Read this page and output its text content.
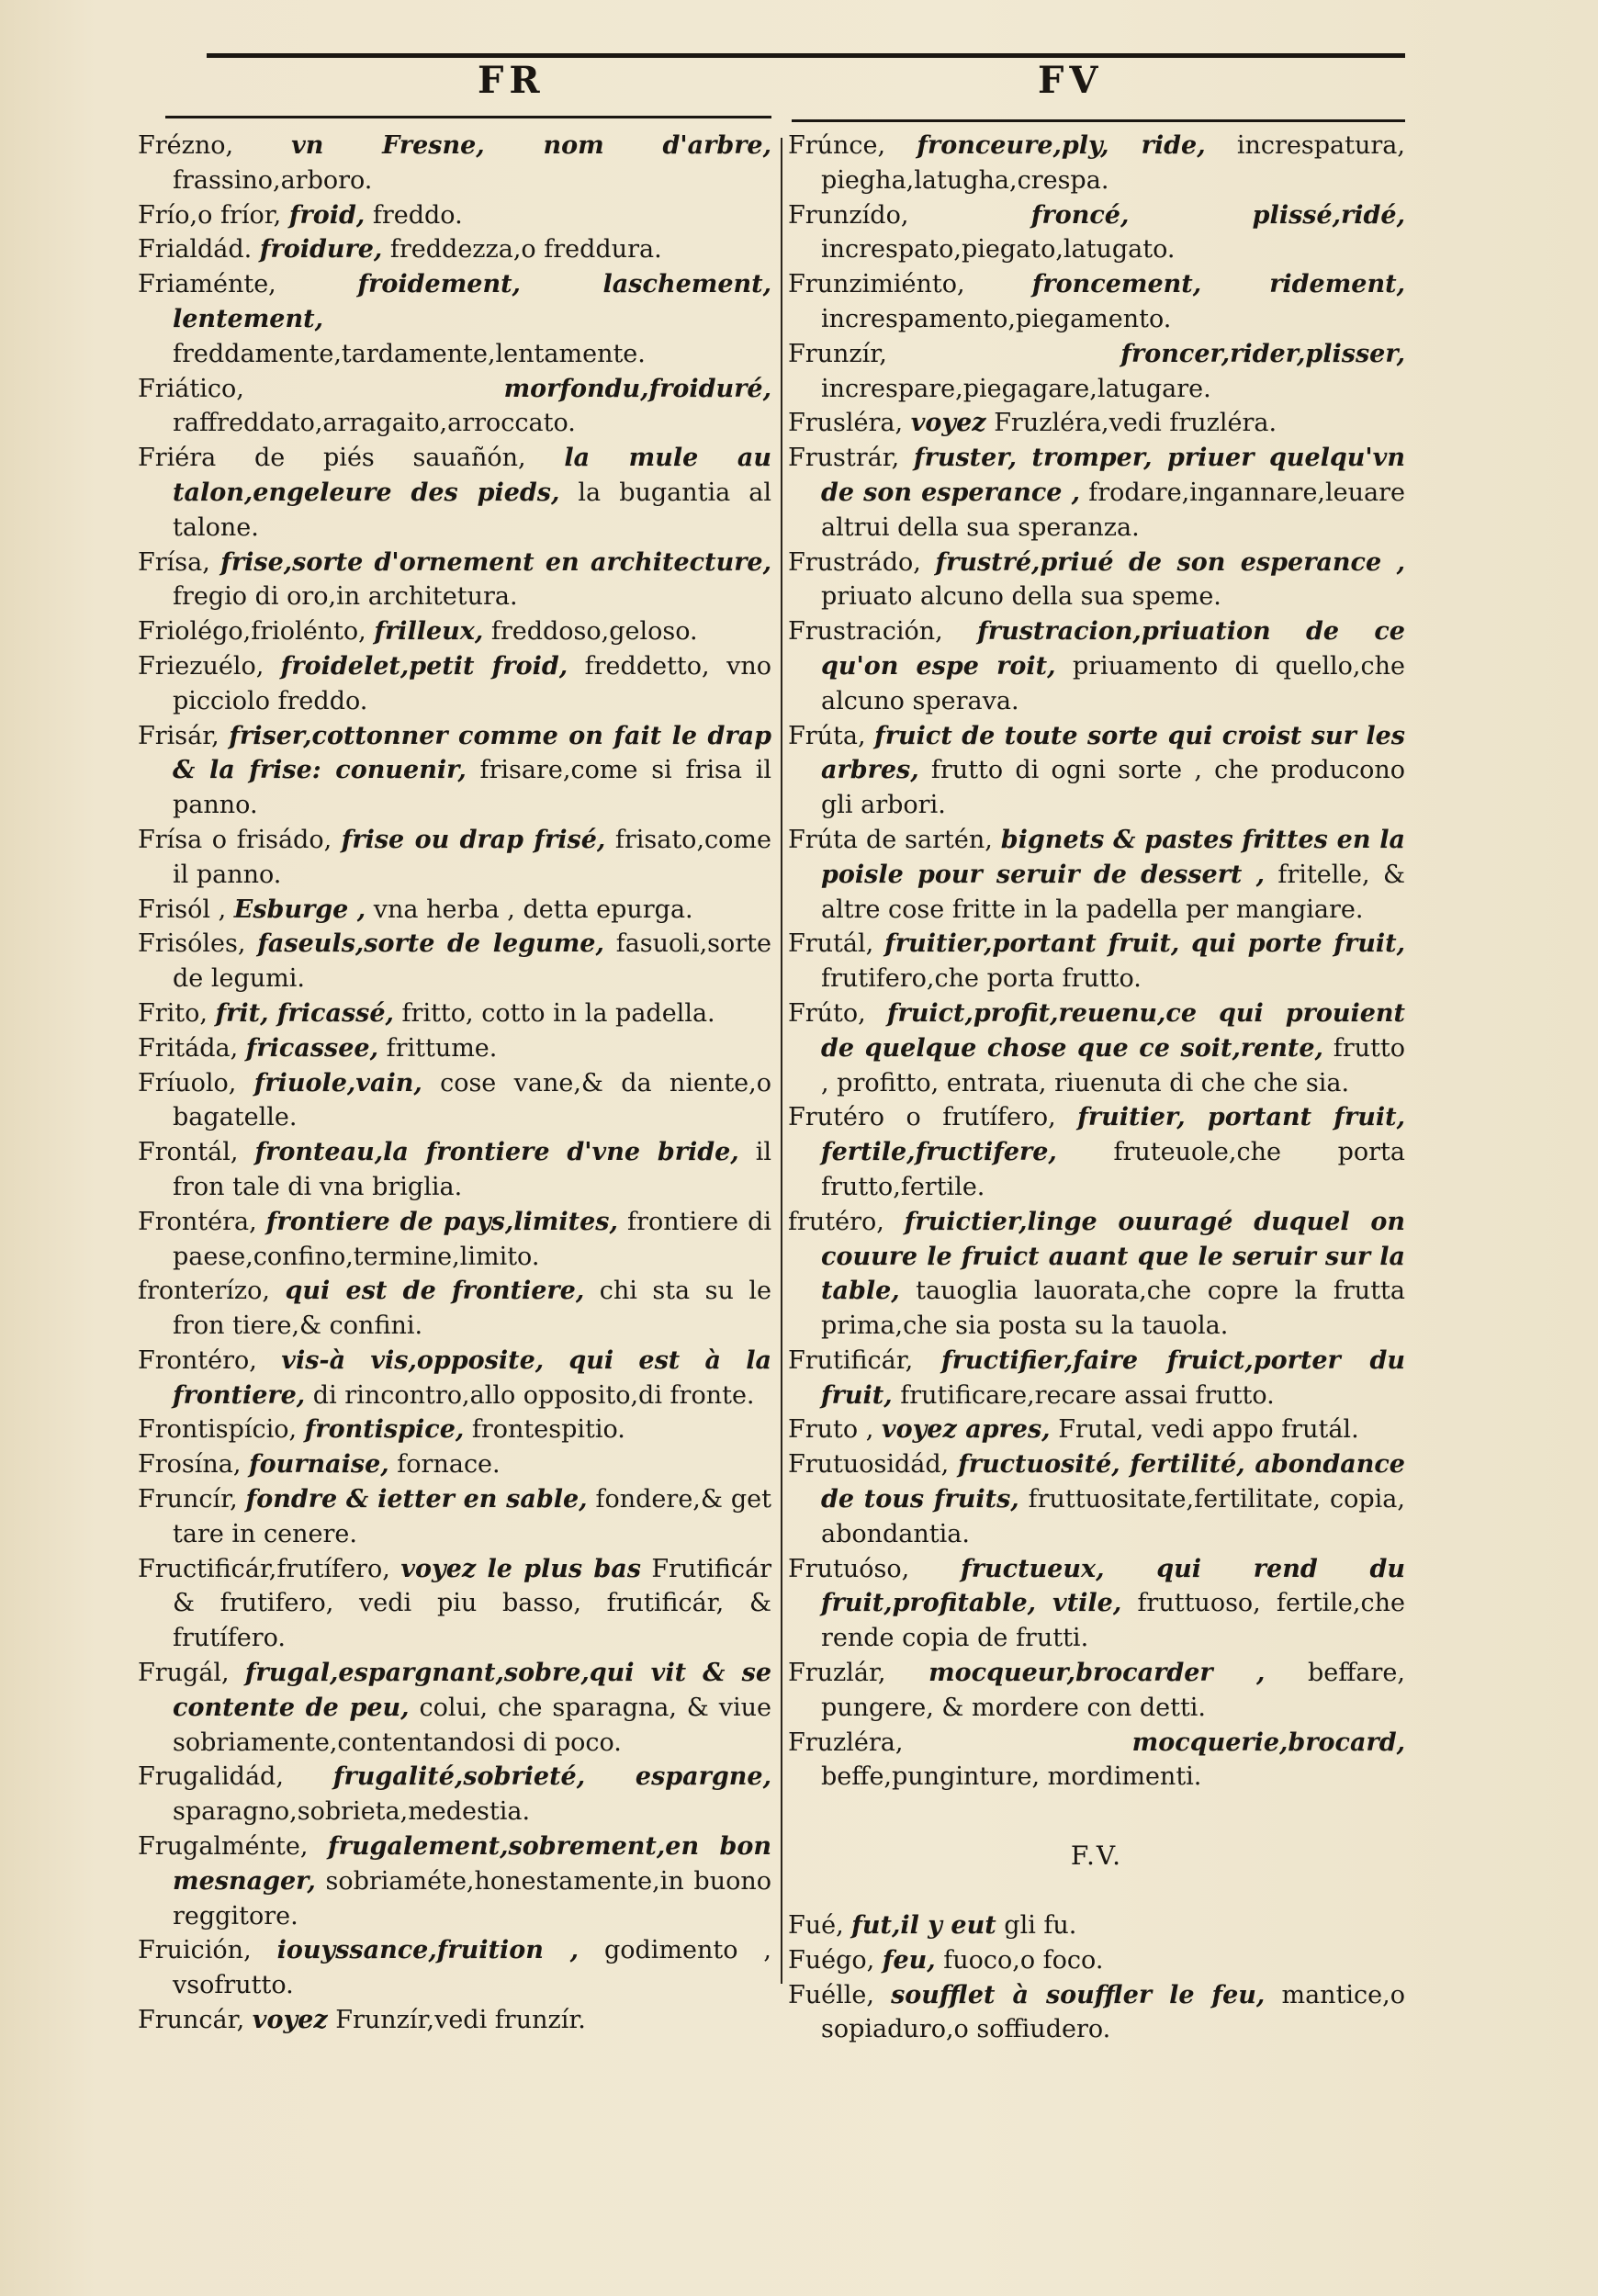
FR	FV

Frézno, vn Fresne, nom d'arbre, frassino,arboro.

Frío,o fríor, froid, freddo.

Frialdád. froidure, freddezza,o freddura.

Friaménte,	froidement, laschement, lentement, freddamente,tardamente,lentamente.

Friático,	morfondu,froiduré, raffreddato,arragaito,arroccato.

Friéra de piés sauañón, la mule au talon,engeleure des pieds, la bugantia al talone.

Frísa, frise,sorte d'ornement en architecture, fregio di oro,in architetura.

Friolégo,frioléntо, frilleux, freddoso,geloso.

Friezuélo, froidelet,petit froid, freddetto, vno picciolo freddo.

Frisár, friser,cottonner comme on fait le drap & la frise: conuenir, frisare,come si frisa il panno.

Frísa o frisádo, frise ou drap frisé, frisato,come il panno.

Frisól , Esburge , vna herba , detta epurga.

Frisóles, faseuls,sorte de legume, fasuoli,sorte de legumi.

Frito, frit, fricassé, fritto, cotto in la padella.

Fritáda, fricassee, frittume.

Fríuolo, friuole,vain, cose vane,& da niente,o bagatelle.

Frontál, fronteau,la frontiere d'vne bride, il fron tale di vna briglia.

Frontéra, frontiere de pays,limites, frontiere di paese,confino,termine,limito.

fronterízo, qui est de frontiere, chi sta su le fron tiere,& confini.

Frontéro, vis-à vis,opposite, qui est à la frontiere, di rincontro,allo opposito,di fronte.

Frontispício, frontispice, frontespitio.

Frosína, fournaise, fornace.

Fruncír, fondre & ietter en sable, fondere,& get tare in cenere.

Fructificár,frutífero, voyez le plus bas Frutificár & frutifero, vedi piu basso, frutificár, & frutífero.

Frugál, frugal,espargnant,sobre,qui vit & se contente de peu, colui, che sparagna, & viue sobriamente,contentandosi di poco.

Frugalidád, frugalité,sobrieté, espargne, sparagno,sobrieta,medestia.

Frugalménte, frugalement,sobrement,en bon mesnager, sobriaméte,honestamente,in buono reggitore.

Fruición, iouyssance,fruition , godimento , vsofrutto.

Fruncár, voyez Frunzír,vedi frunzír.

Frúnce, fronceure,ply, ride, increspatura, piegha,latugha,crespa.

Frunzído,	froncé, plissé,ridé, increspato,piegato,latugato.

Frunzimiénto,	froncement, ridement, increspamento,piegamento.

Frunzír,	froncer,rider,plisser, increspare,piegagare,latugare.

Frusléra, voyez Fruzléra,vedi fruzléra.

Frustrár, fruster, tromper, priuer quelqu'vn de son esperance , frodare,ingannare,leuare altrui della sua speranza.

Frustrádo, frustré,priué de son esperance , priuato alcuno della sua speme.

Frustración, frustracion,priuation de ce qu'on espe roit, priuamento di quello,che alcuno sperava.

Frúta, fruict de toute sorte qui croist sur les arbres, frutto di ogni sorte , che producono gli arbori.

Frúta de sartén, bignets & pastes frittes en la poisle pour seruir de dessert , fritelle, & altre cose fritte in la padella per mangiare.

Frutál, fruitier,portant fruit, qui porte fruit, frutifero,che porta frutto.

Frúto, fruict,profit,reuenu,ce qui prouient de quelque chose que ce soit,rente, frutto , profitto, entrata, riuenuta di che che sia.

Frutéro o frutífero, fruitier, portant fruit, fertile,fructifere, fruteuole,che porta frutto,fertile.

frutéro, fruictier,linge ouuragé duquel on couure le fruict auant que le seruir sur la table, tauoglia lauorata,che copre la frutta prima,che sia posta su la tauola.

Frutificár, fructifier,faire fruict,porter du fruit, frutificare,recare assai frutto.

Fruto , voyez apres, Frutal, vedi appo frutál.

Frutuosidád, fructuosité, fertilité, abondance de tous fruits, fruttuositate,fertilitate, copia, abondantia.

Frutuóso, fructueux, qui rend du fruit,profitable, vtile, fruttuoso, fertile,che rende copia de frutti.

Fruzlár, mocqueur,brocarder , beffare, pungere, & mordere con detti.

Fruzléra,	mocquerie,brocard, beffe,punginture, mordimenti.

F.V.

Fué, fut,il y eut gli fu.

Fuégo, feu, fuoco,o foco.

Fuélle, soufflet à souffler le feu, mantice,o sopiaduro,o soffiudero.
